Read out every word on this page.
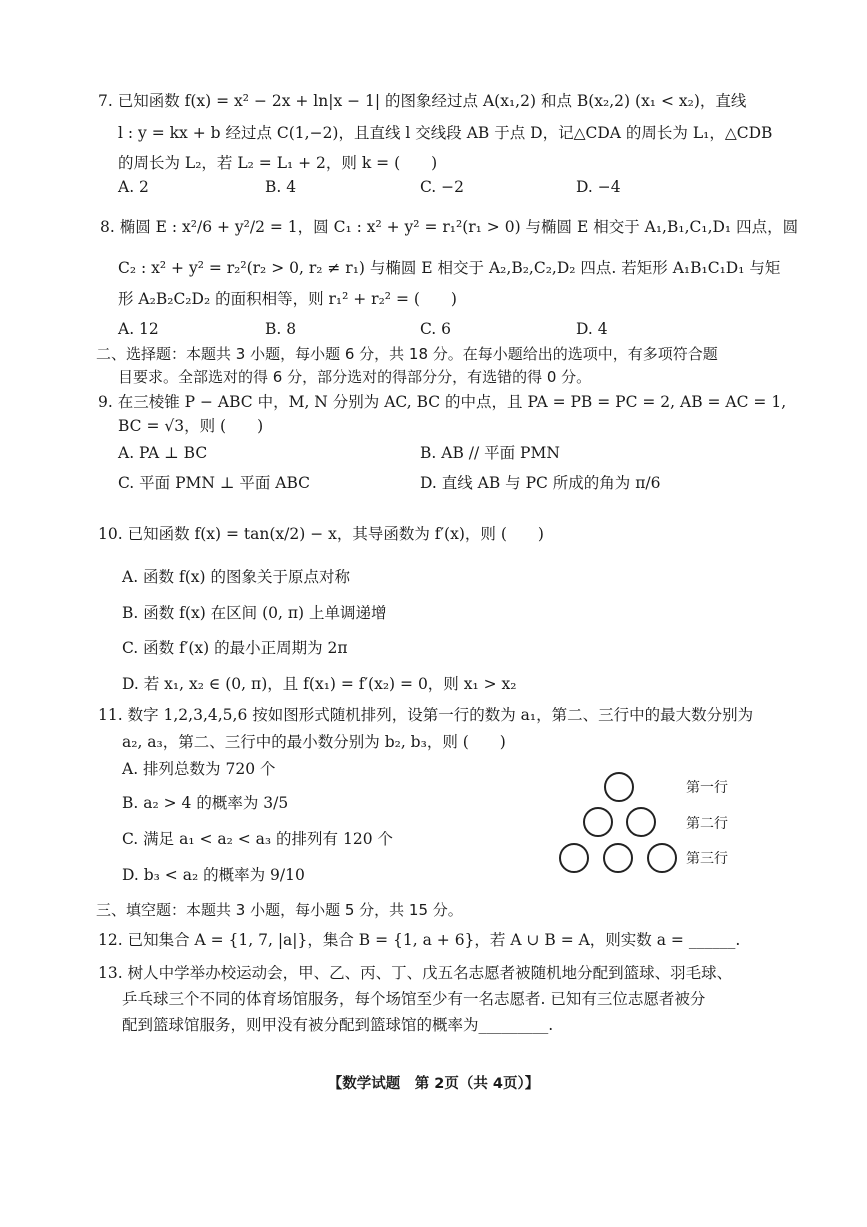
7. 已知函数 f(x) = x² − 2x + ln|x − 1| 的图象经过点 A(x₁,2) 和点 B(x₂,2) (x₁ < x₂)，直线
l : y = kx + b 经过点 C(1,−2)，且直线 l 交线段 AB 于点 D，记△CDA 的周长为 L₁，△CDB
的周长为 L₂，若 L₂ = L₁ + 2，则 k = (　　)
A. 2	B. 4	C. −2	D. −4
8. 椭圆 E : x²/6 + y²/2 = 1，圆 C₁ : x² + y² = r₁²(r₁ > 0) 与椭圆 E 相交于 A₁,B₁,C₁,D₁ 四点，圆
C₂ : x² + y² = r₂²(r₂ > 0, r₂ ≠ r₁) 与椭圆 E 相交于 A₂,B₂,C₂,D₂ 四点. 若矩形 A₁B₁C₁D₁ 与矩
形 A₂B₂C₂D₂ 的面积相等，则 r₁² + r₂² = (　　)
A. 12	B. 8	C. 6	D. 4
二、选择题：本题共 3 小题，每小题 6 分，共 18 分。在每小题给出的选项中，有多项符合题
目要求。全部选对的得 6 分，部分选对的得部分分，有选错的得 0 分。
9. 在三棱锥 P − ABC 中，M, N 分别为 AC, BC 的中点，且 PA = PB = PC = 2, AB = AC = 1,
BC = √3，则 (　　)
A. PA ⊥ BC	B. AB // 平面 PMN
C. 平面 PMN ⊥ 平面 ABC	D. 直线 AB 与 PC 所成的角为 π/6
10. 已知函数 f(x) = tan(x/2) − x，其导函数为 f′(x)，则 (　　)
A. 函数 f(x) 的图象关于原点对称
B. 函数 f(x) 在区间 (0, π) 上单调递增
C. 函数 f′(x) 的最小正周期为 2π
D. 若 x₁, x₂ ∈ (0, π)，且 f(x₁) = f′(x₂) = 0，则 x₁ > x₂
11. 数字 1,2,3,4,5,6 按如图形式随机排列，设第一行的数为 a₁，第二、三行中的最大数分别为
a₂, a₃，第二、三行中的最小数分别为 b₂, b₃，则 (　　)
A. 排列总数为 720 个
B. a₂ > 4 的概率为 3/5
C. 满足 a₁ < a₂ < a₃ 的排列有 120 个
D. b₃ < a₂ 的概率为 9/10
第一行
第二行
第三行
三、填空题：本题共 3 小题，每小题 5 分，共 15 分。
12. 已知集合 A = {1, 7, |a|}，集合 B = {1, a + 6}，若 A ∪ B = A，则实数 a = ______.
13. 树人中学举办校运动会，甲、乙、丙、丁、戊五名志愿者被随机地分配到篮球、羽毛球、
乒乓球三个不同的体育场馆服务，每个场馆至少有一名志愿者. 已知有三位志愿者被分
配到篮球馆服务，则甲没有被分配到篮球馆的概率为_________.
【数学试题　第 2页（共 4页）】
